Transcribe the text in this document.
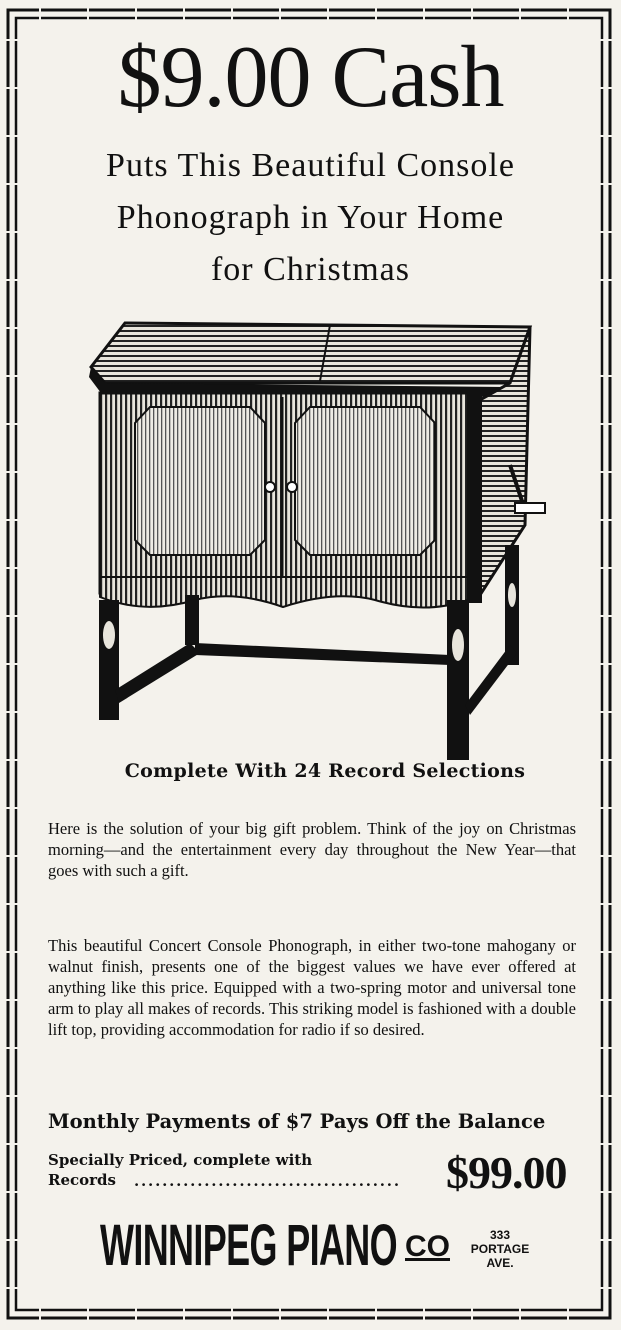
$9.00 Cash
Puts This Beautiful Console
Phonograph in Your Home
for Christmas
Complete With 24 Record Selections
Here is the solution of your big gift problem. Think of the joy on Christmas morning—and the entertainment every day throughout the New Year—that goes with such a gift.
This beautiful Concert Console Phonograph, in either two-tone mahogany or walnut finish, presents one of the biggest values we have ever offered at anything like this price. Equipped with a two-spring motor and universal tone arm to play all makes of records. This striking model is fashioned with a double lift top, providing accommodation for radio if so desired.
Monthly Payments of $7 Pays Off the Balance
Specially Priced, complete with
Records	...................................... $99.00
WINNIPEG PIANO CO	333
PORTAGE
AVE.
